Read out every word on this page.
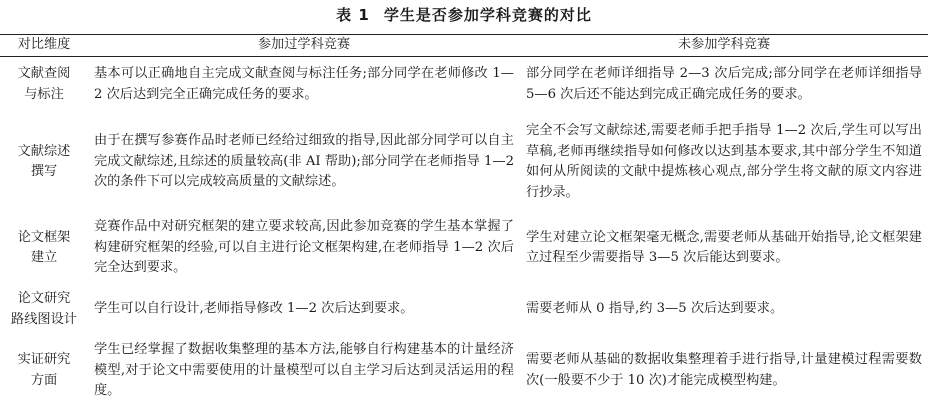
表 1 学生是否参加学科竞赛的对比
对比维度	参加过学科竞赛	未参加学科竞赛
文献查阅
与标注	基本可以正确地自主完成文献查阅与标注任务;部分同学在老师修改 1—2 次后达到完全正确完成任务的要求。	部分同学在老师详细指导 2—3 次后完成;部分同学在老师详细指导 5—6 次后还不能达到完成正确完成任务的要求。
文献综述
撰写	由于在撰写参赛作品时老师已经给过细致的指导,因此部分同学可以自主完成文献综述,且综述的质量较高(非 AI 帮助);部分同学在老师指导 1—2 次的条件下可以完成较高质量的文献综述。	完全不会写文献综述,需要老师手把手指导 1—2 次后,学生可以写出草稿,老师再继续指导如何修改以达到基本要求,其中部分学生不知道如何从所阅读的文献中提炼核心观点,部分学生将文献的原文内容进行抄录。
论文框架
建立	竞赛作品中对研究框架的建立要求较高,因此参加竞赛的学生基本掌握了构建研究框架的经验,可以自主进行论文框架构建,在老师指导 1—2 次后完全达到要求。	学生对建立论文框架毫无概念,需要老师从基础开始指导,论文框架建立过程至少需要指导 3—5 次后能达到要求。
论文研究
路线图设计	学生可以自行设计,老师指导修改 1—2 次后达到要求。	需要老师从 0 指导,约 3—5 次后达到要求。
实证研究
方面	学生已经掌握了数据收集整理的基本方法,能够自行构建基本的计量经济模型,对于论文中需要使用的计量模型可以自主学习后达到灵活运用的程度。	需要老师从基础的数据收集整理着手进行指导,计量建模过程需要数次(一般要不少于 10 次)才能完成模型构建。
